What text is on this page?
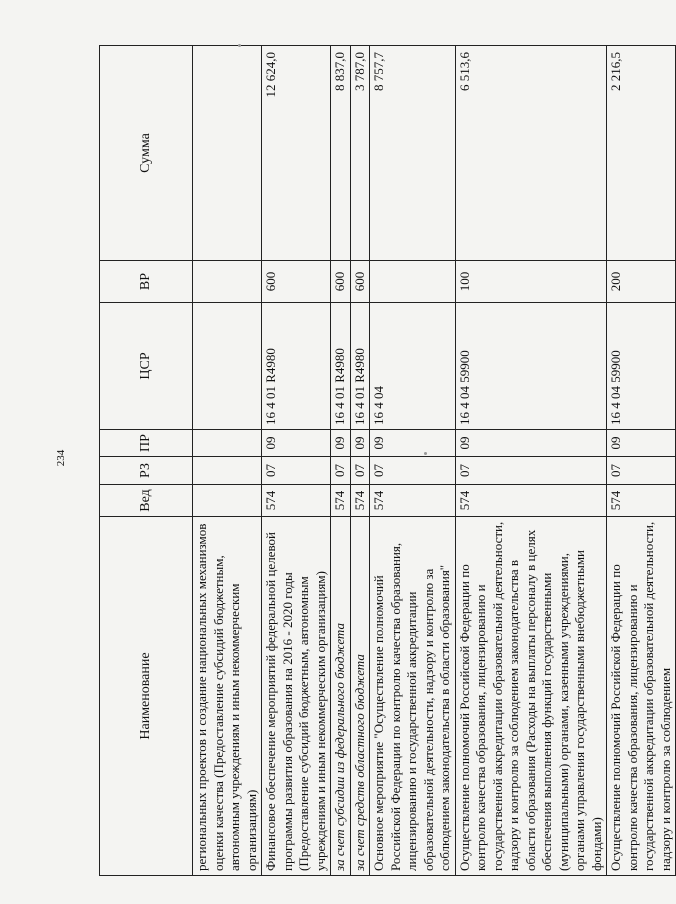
234
Наименование	Вед	РЗ	ПР	ЦСР	ВР	Сумма
региональных проектов и создание национальных механизмов оценки качества (Предоставление субсидий бюджетным, автономным учреждениям и иным некоммерческим организациям)						
Финансовое обеспечение мероприятий федеральной целевой программы развития образования на 2016 - 2020 годы (Предоставление субсидий бюджетным, автономным учреждениям и иным некоммерческим организациям)	574	07	09	16 4 01 R4980	600	12 624,0
за счет субсидии из федерального бюджета	574	07	09	16 4 01 R4980	600	8 837,0
за счет средств областного бюджета	574	07	09	16 4 01 R4980	600	3 787,0
Основное мероприятие "Осуществление полномочий Российской Федерации по контролю качества образования, лицензированию и государственной аккредитации образовательной деятельности, надзору и контролю за соблюдением законодательства в области образования"	574	07	09	16 4 04		8 757,7
Осуществление полномочий Российской Федерации по контролю качества образования, лицензированию и государственной аккредитации образовательной деятельности, надзору и контролю за соблюдением законодательства в области образования (Расходы на выплаты персоналу в целях обеспечения выполнения функций государственными (муниципальными) органами, казенными учреждениями, органами управления государственными внебюджетными фондами)	574	07	09	16 4 04 59900	100	6 513,6
Осуществление полномочий Российской Федерации по контролю качества образования, лицензированию и государственной аккредитации образовательной деятельности, надзору и контролю за соблюдением	574	07	09	16 4 04 59900	200	2 216,5
